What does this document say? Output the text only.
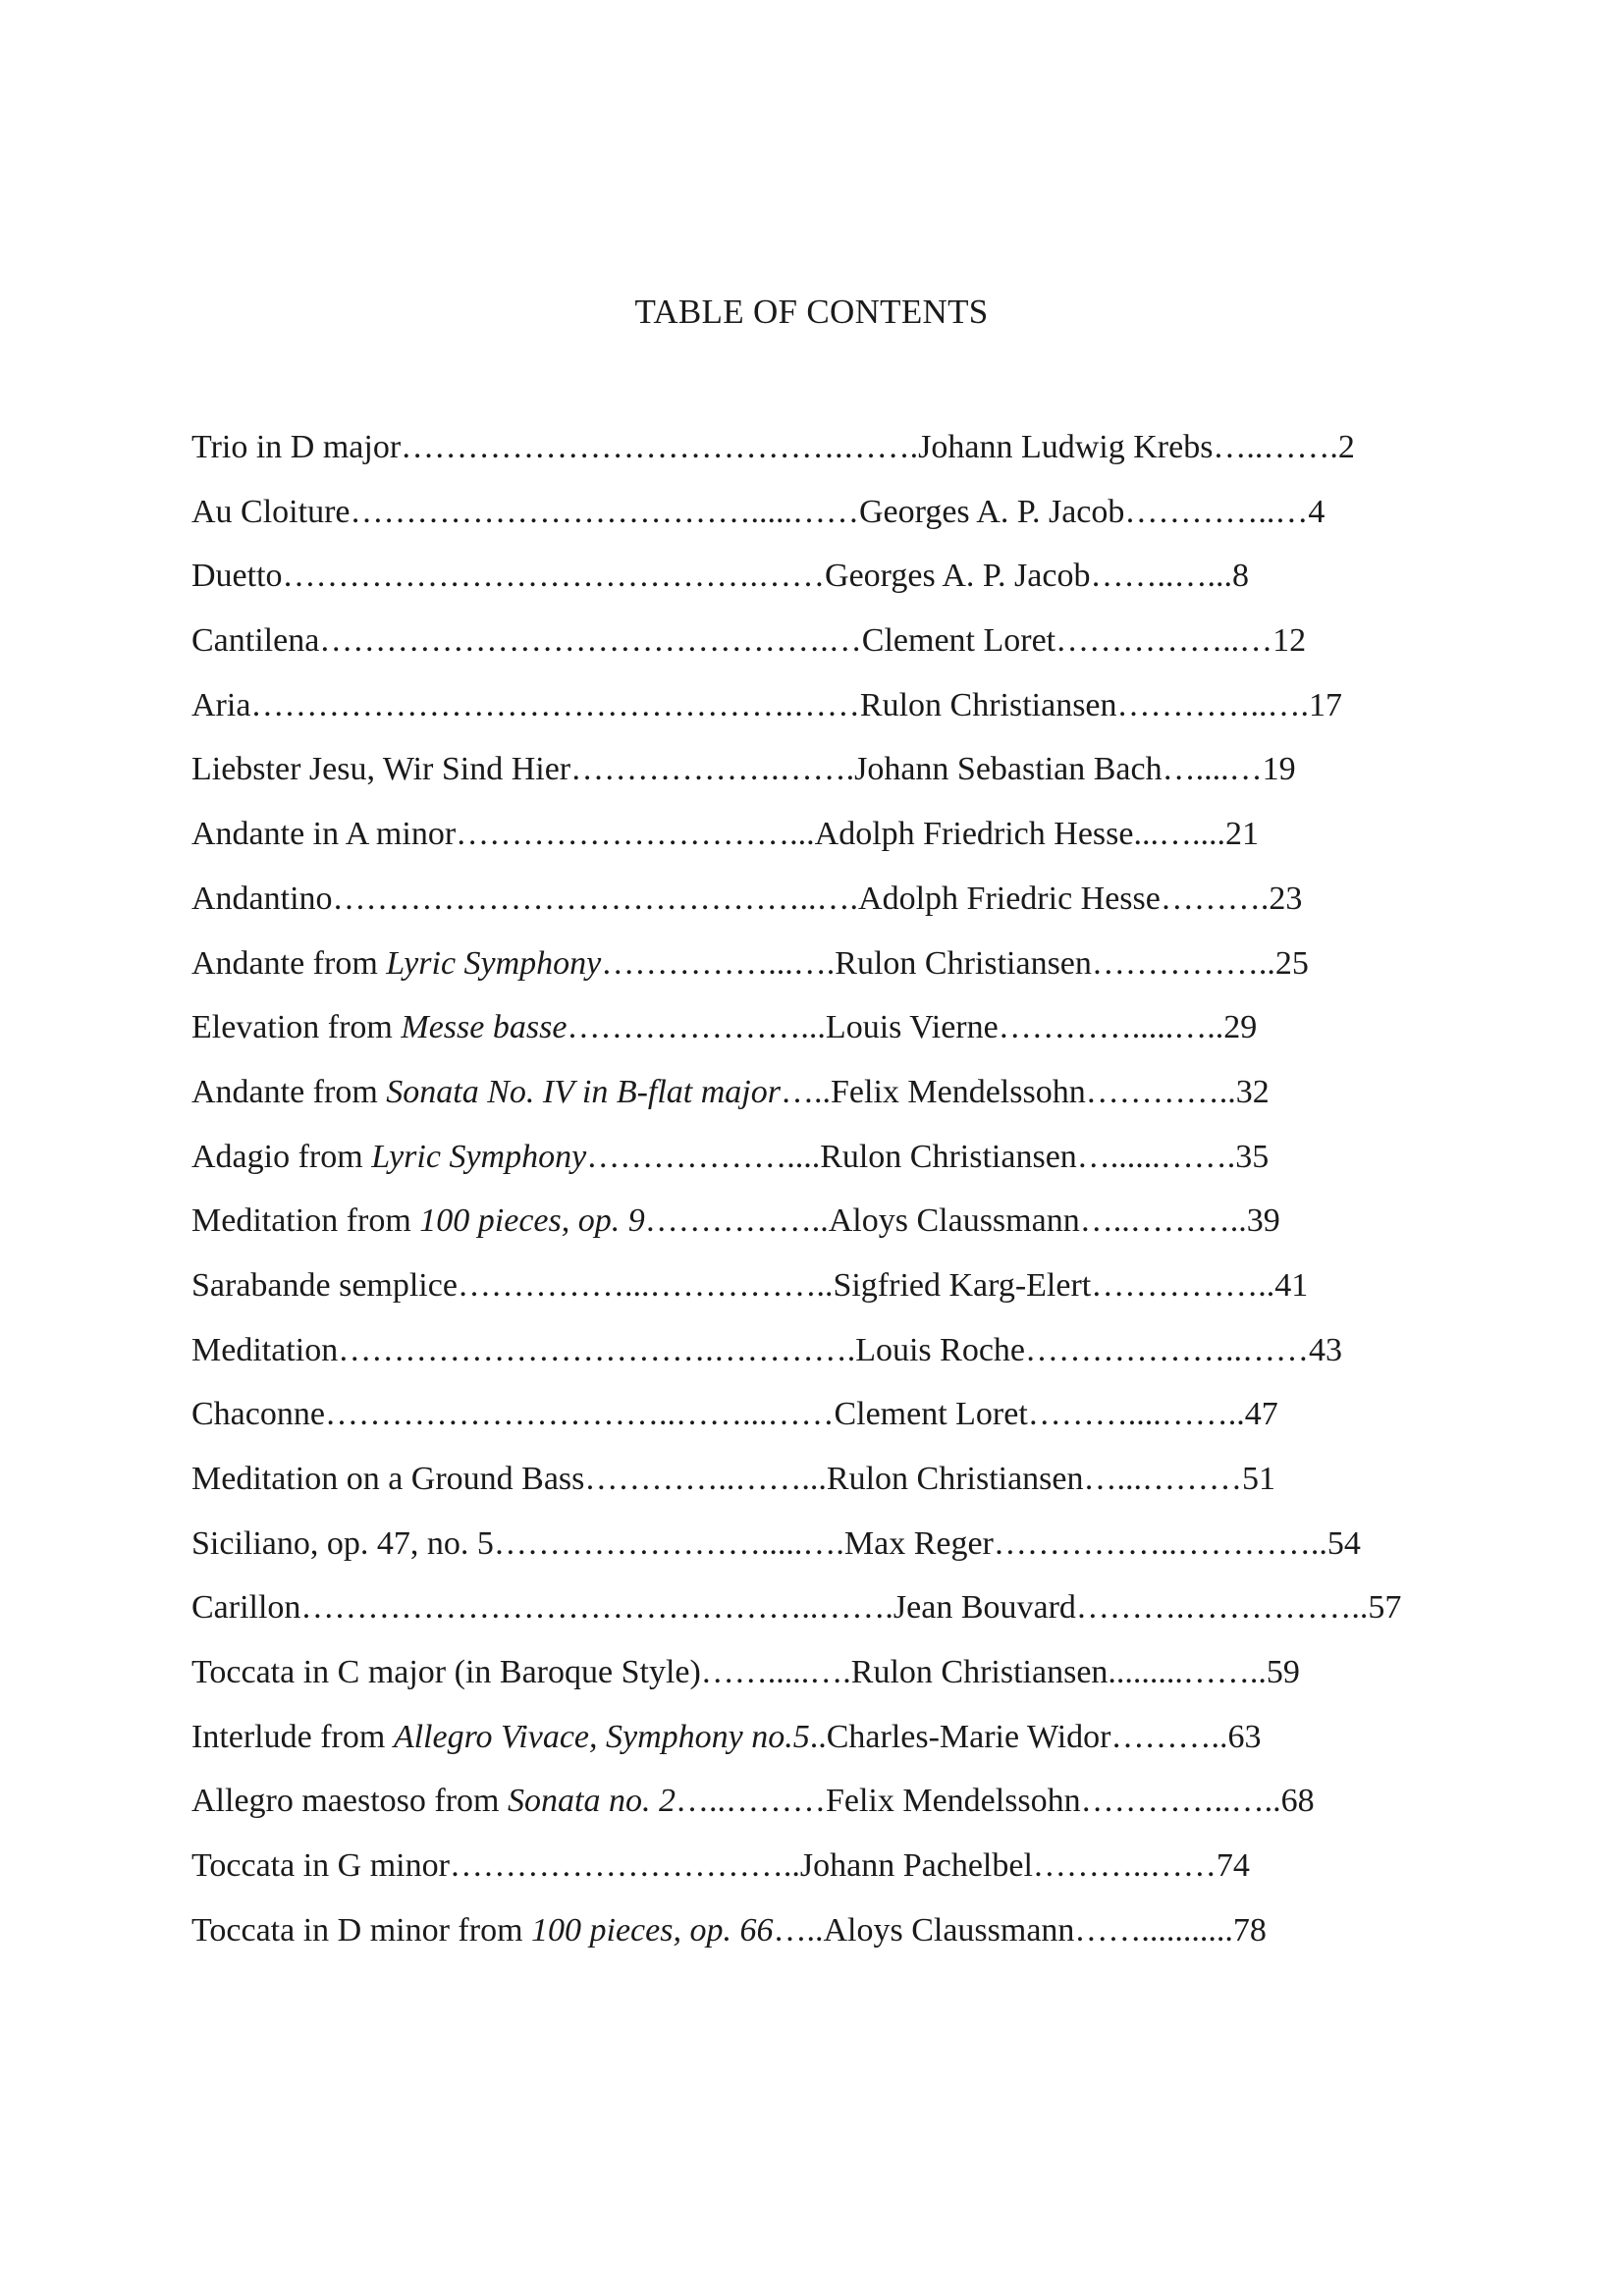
TABLE OF CONTENTS
Trio in D major………………………………….…….Johann Ludwig Krebs…..…….2
Au Cloiture……………………………….....……Georges A. P. Jacob…………..…4
Duetto…………………………………….……Georges A. P. Jacob……..…...8
Cantilena……………………………………….…Clement Loret……………..…12
Aria………………………………………….……Rulon Christiansen…………..….17
Liebster Jesu, Wir Sind Hier……………….…….Johann Sebastian Bach…....…19
Andante in A minor…………………………...Adolph Friedrich Hesse...…....21
Andantino……………………………………..….Adolph Friedric Hesse……….23
Andante from Lyric Symphony……………...….Rulon Christiansen……………..25
Elevation from Messe basse…………………...Louis Vierne………….....…..29
Andante from Sonata No. IV in B-flat major…..Felix Mendelssohn…………..32
Adagio from Lyric Symphony………………....Rulon Christiansen…......…….35
Meditation from 100 pieces, op. 9……………..Aloys Claussmann…..………..39
Sarabande semplice……………...……………..Sigfried Karg-Elert……………..41
Meditation…………………………….………….Louis Roche………………..……43
Chaconne…………………………..……...……Clement Loret………....……..47
Meditation on a Ground Bass…………..……...Rulon Christiansen…...………51
Siciliano, op. 47, no. 5…………………….....….Max Reger……………..…………..54
Carillon………………………………………..…….Jean Bouvard……….……………..57
Toccata in C major (in Baroque Style)…….....….Rulon Christiansen.........……..59
Interlude from Allegro Vivace, Symphony no.5..Charles-Marie Widor………..63
Allegro maestoso from Sonata no. 2…..………Felix Mendelssohn…………..…..68
Toccata in G minor…………………………..Johann Pachelbel………..……74
Toccata in D minor from 100 pieces, op. 66…..Aloys Claussmann……...........78
